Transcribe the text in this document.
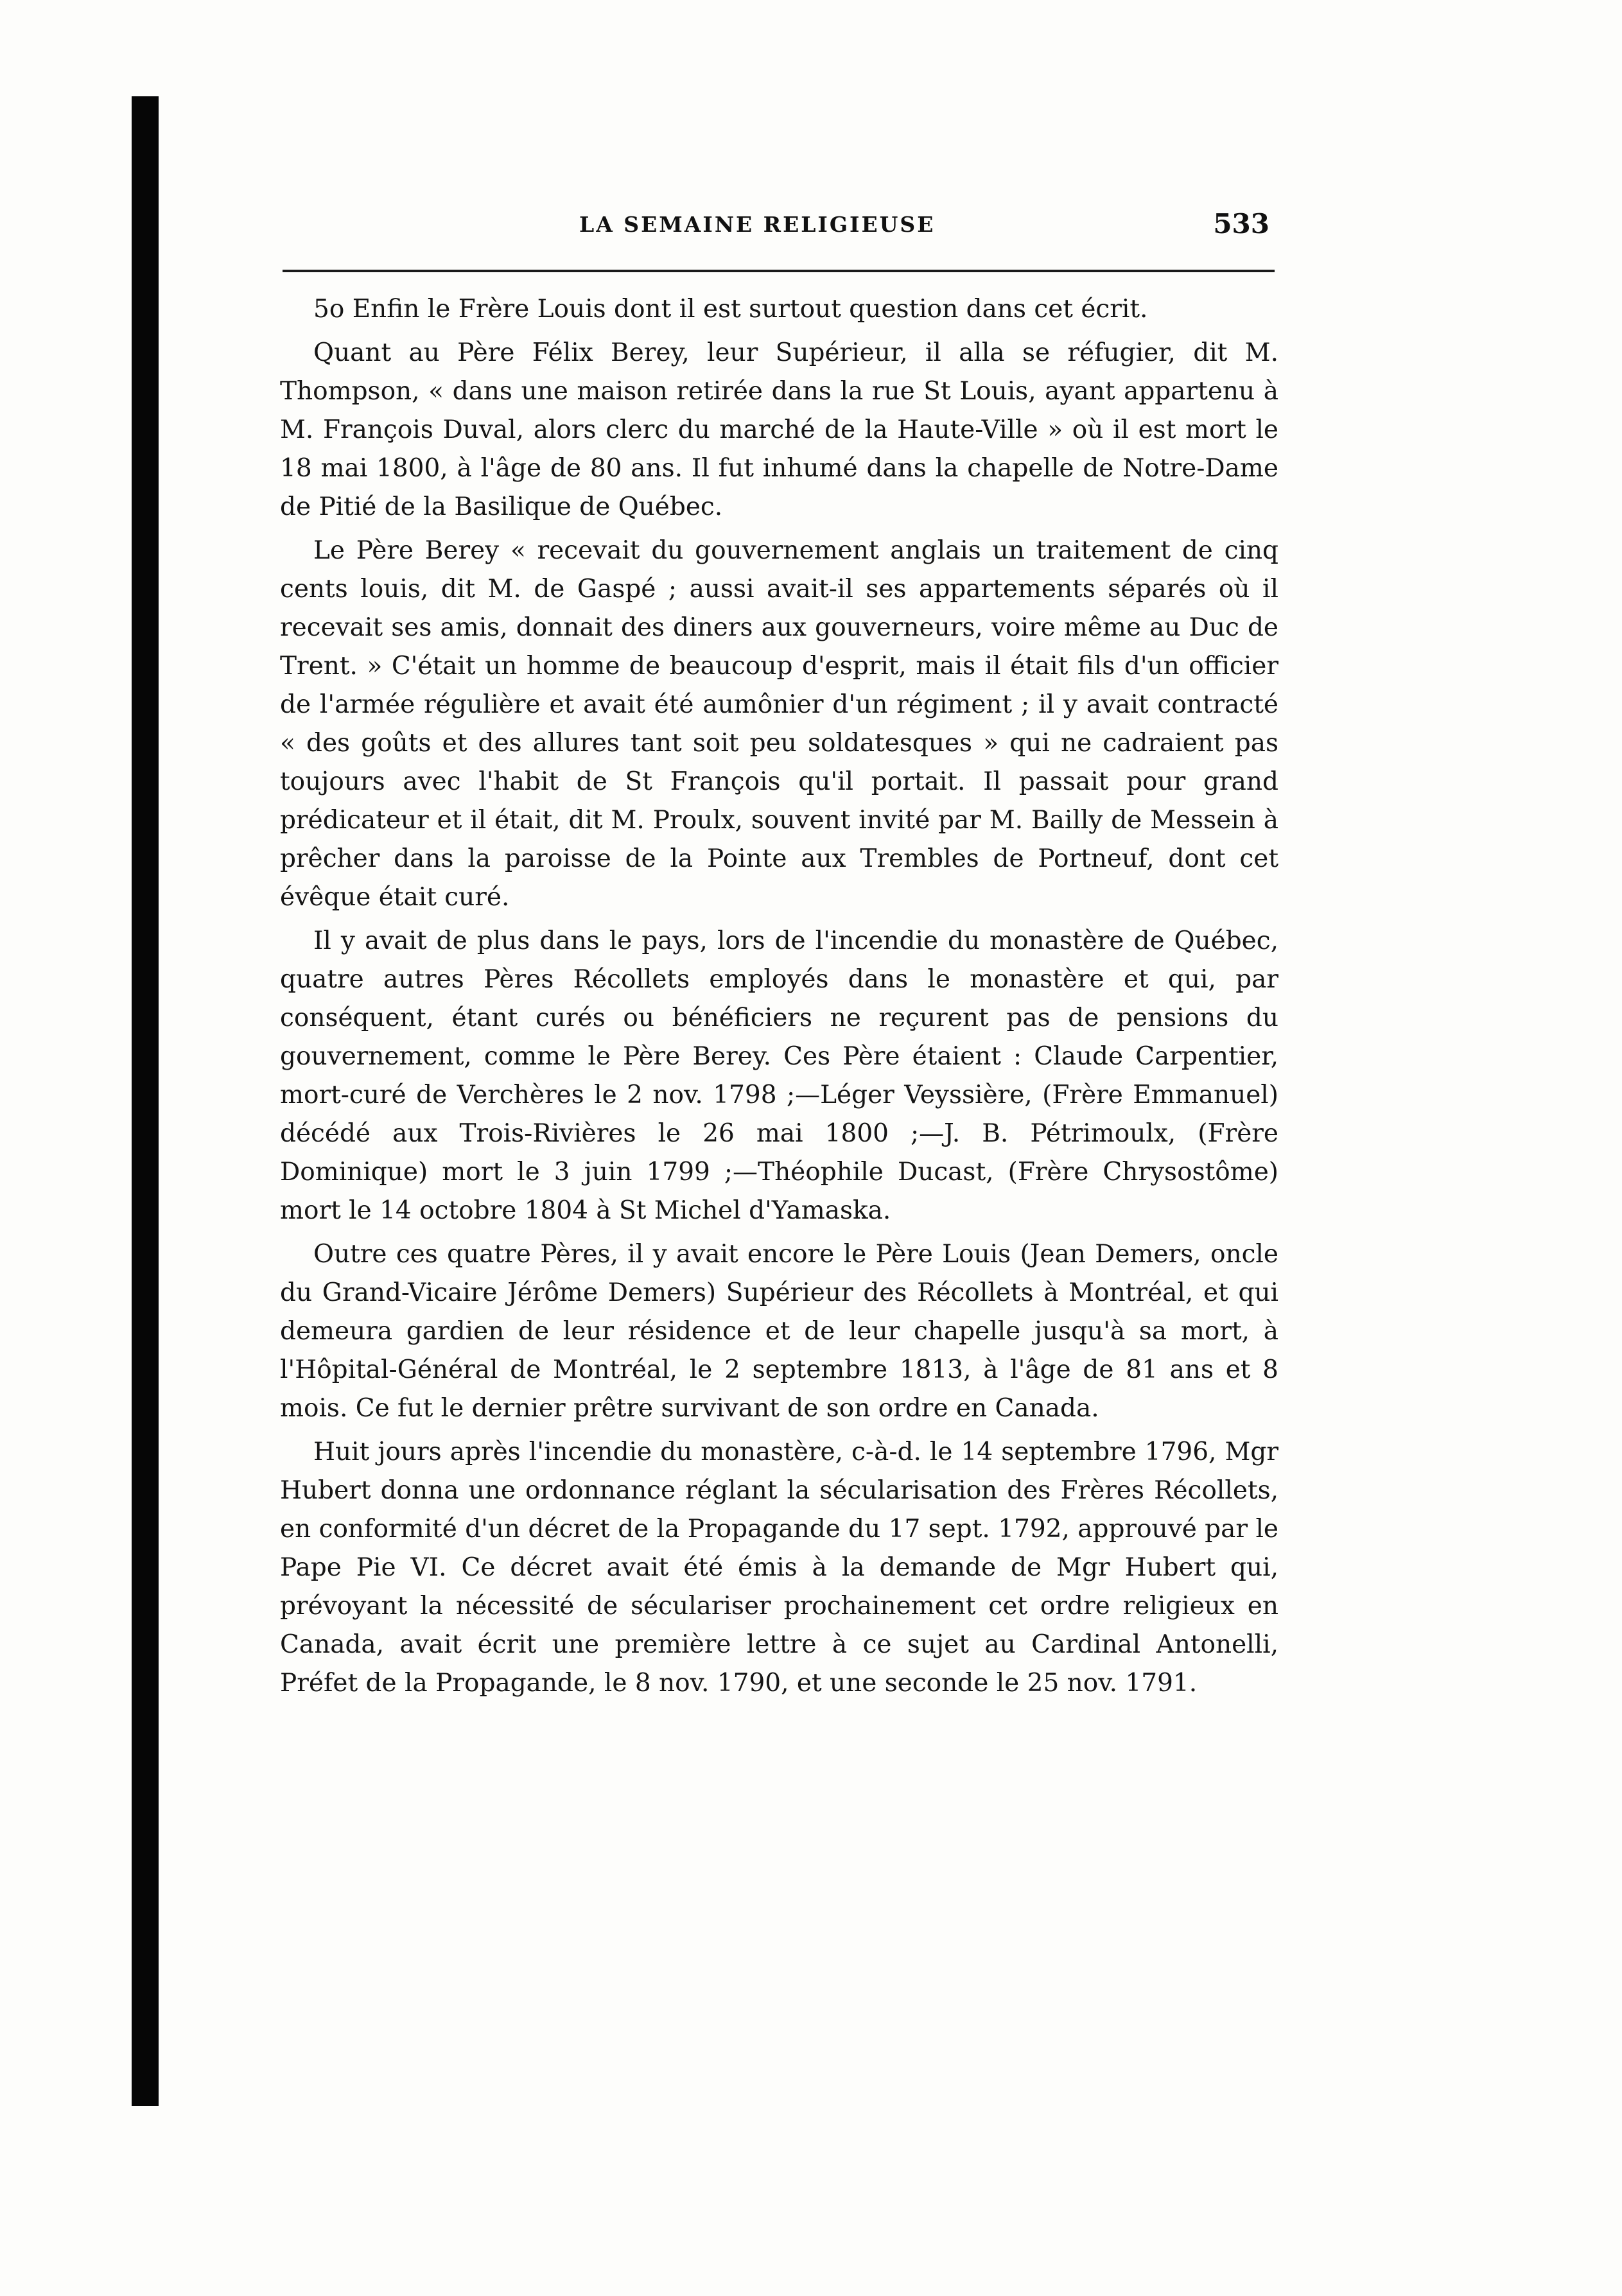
LA SEMAINE RELIGIEUSE	533

5o Enfin le Frère Louis dont il est surtout question dans cet écrit.

Quant au Père Félix Berey, leur Supérieur, il alla se réfugier, dit M. Thompson, « dans une maison retirée dans la rue St Louis, ayant appartenu à M. François Duval, alors clerc du marché de la Haute-Ville » où il est mort le 18 mai 1800, à l'âge de 80 ans. Il fut inhumé dans la chapelle de Notre-Dame de Pitié de la Basilique de Québec.

Le Père Berey « recevait du gouvernement anglais un traitement de cinq cents louis, dit M. de Gaspé ; aussi avait-il ses appartements séparés où il recevait ses amis, donnait des diners aux gouverneurs, voire même au Duc de Trent. » C'était un homme de beaucoup d'esprit, mais il était fils d'un officier de l'armée régulière et avait été aumônier d'un régiment ; il y avait contracté « des goûts et des allures tant soit peu soldatesques » qui ne cadraient pas toujours avec l'habit de St François qu'il portait. Il passait pour grand prédicateur et il était, dit M. Proulx, souvent invité par M. Bailly de Messein à prêcher dans la paroisse de la Pointe aux Trembles de Portneuf, dont cet évêque était curé.

Il y avait de plus dans le pays, lors de l'incendie du monastère de Québec, quatre autres Pères Récollets employés dans le monastère et qui, par conséquent, étant curés ou bénéficiers ne reçurent pas de pensions du gouvernement, comme le Père Berey. Ces Père étaient : Claude Carpentier, mort-curé de Verchères le 2 nov. 1798 ;—Léger Veyssière, (Frère Emmanuel) décédé aux Trois-Rivières le 26 mai 1800 ;—J. B. Pétrimoulx, (Frère Dominique) mort le 3 juin 1799 ;—Théophile Ducast, (Frère Chrysostôme) mort le 14 octobre 1804 à St Michel d'Yamaska.

Outre ces quatre Pères, il y avait encore le Père Louis (Jean Demers, oncle du Grand-Vicaire Jérôme Demers) Supérieur des Récollets à Montréal, et qui demeura gardien de leur résidence et de leur chapelle jusqu'à sa mort, à l'Hôpital-Général de Montréal, le 2 septembre 1813, à l'âge de 81 ans et 8 mois. Ce fut le dernier prêtre survivant de son ordre en Canada.

Huit jours après l'incendie du monastère, c-à-d. le 14 septembre 1796, Mgr Hubert donna une ordonnance réglant la sécularisation des Frères Récollets, en conformité d'un décret de la Propagande du 17 sept. 1792, approuvé par le Pape Pie VI. Ce décret avait été émis à la demande de Mgr Hubert qui, prévoyant la nécessité de séculariser prochainement cet ordre religieux en Canada, avait écrit une première lettre à ce sujet au Cardinal Antonelli, Préfet de la Propagande, le 8 nov. 1790, et une seconde le 25 nov. 1791.
